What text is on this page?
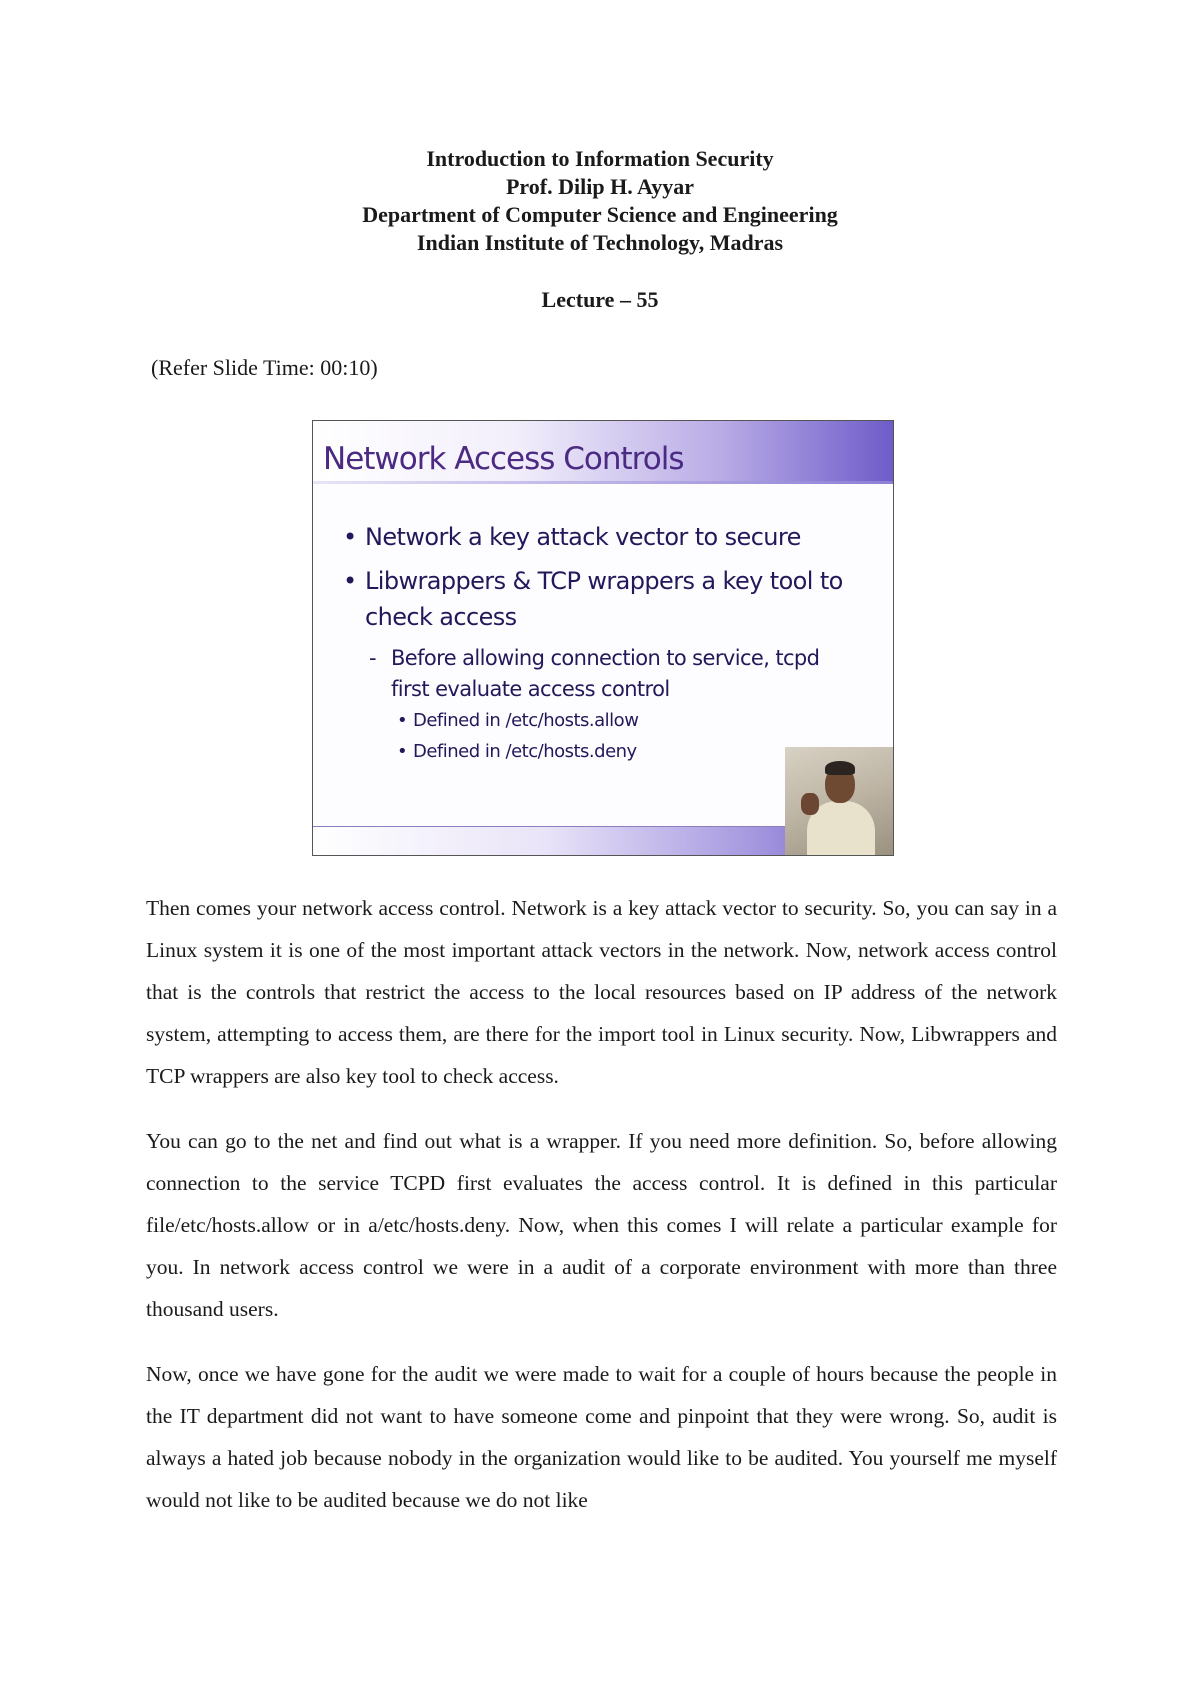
Introduction to Information Security
Prof. Dilip H. Ayyar
Department of Computer Science and Engineering
Indian Institute of Technology, Madras
Lecture – 55
(Refer Slide Time: 00:10)
Network Access Controls
• Network a key attack vector to secure
• Libwrappers & TCP wrappers a key tool to check access
- Before allowing connection to service, tcpd first evaluate access control
• Defined in /etc/hosts.allow
• Defined in /etc/hosts.deny

Then comes your network access control. Network is a key attack vector to security. So, you can say in a Linux system it is one of the most important attack vectors in the network. Now, network access control that is the controls that restrict the access to the local resources based on IP address of the network system, attempting to access them, are there for the import tool in Linux security. Now, Libwrappers and TCP wrappers are also key tool to check access.

You can go to the net and find out what is a wrapper. If you need more definition. So, before allowing connection to the service TCPD first evaluates the access control. It is defined in this particular file/etc/hosts.allow or in a/etc/hosts.deny. Now, when this comes I will relate a particular example for you. In network access control we were in a audit of a corporate environment with more than three thousand users.

Now, once we have gone for the audit we were made to wait for a couple of hours because the people in the IT department did not want to have someone come and pinpoint that they were wrong. So, audit is always a hated job because nobody in the organization would like to be audited. You yourself me myself would not like to be audited because we do not like
